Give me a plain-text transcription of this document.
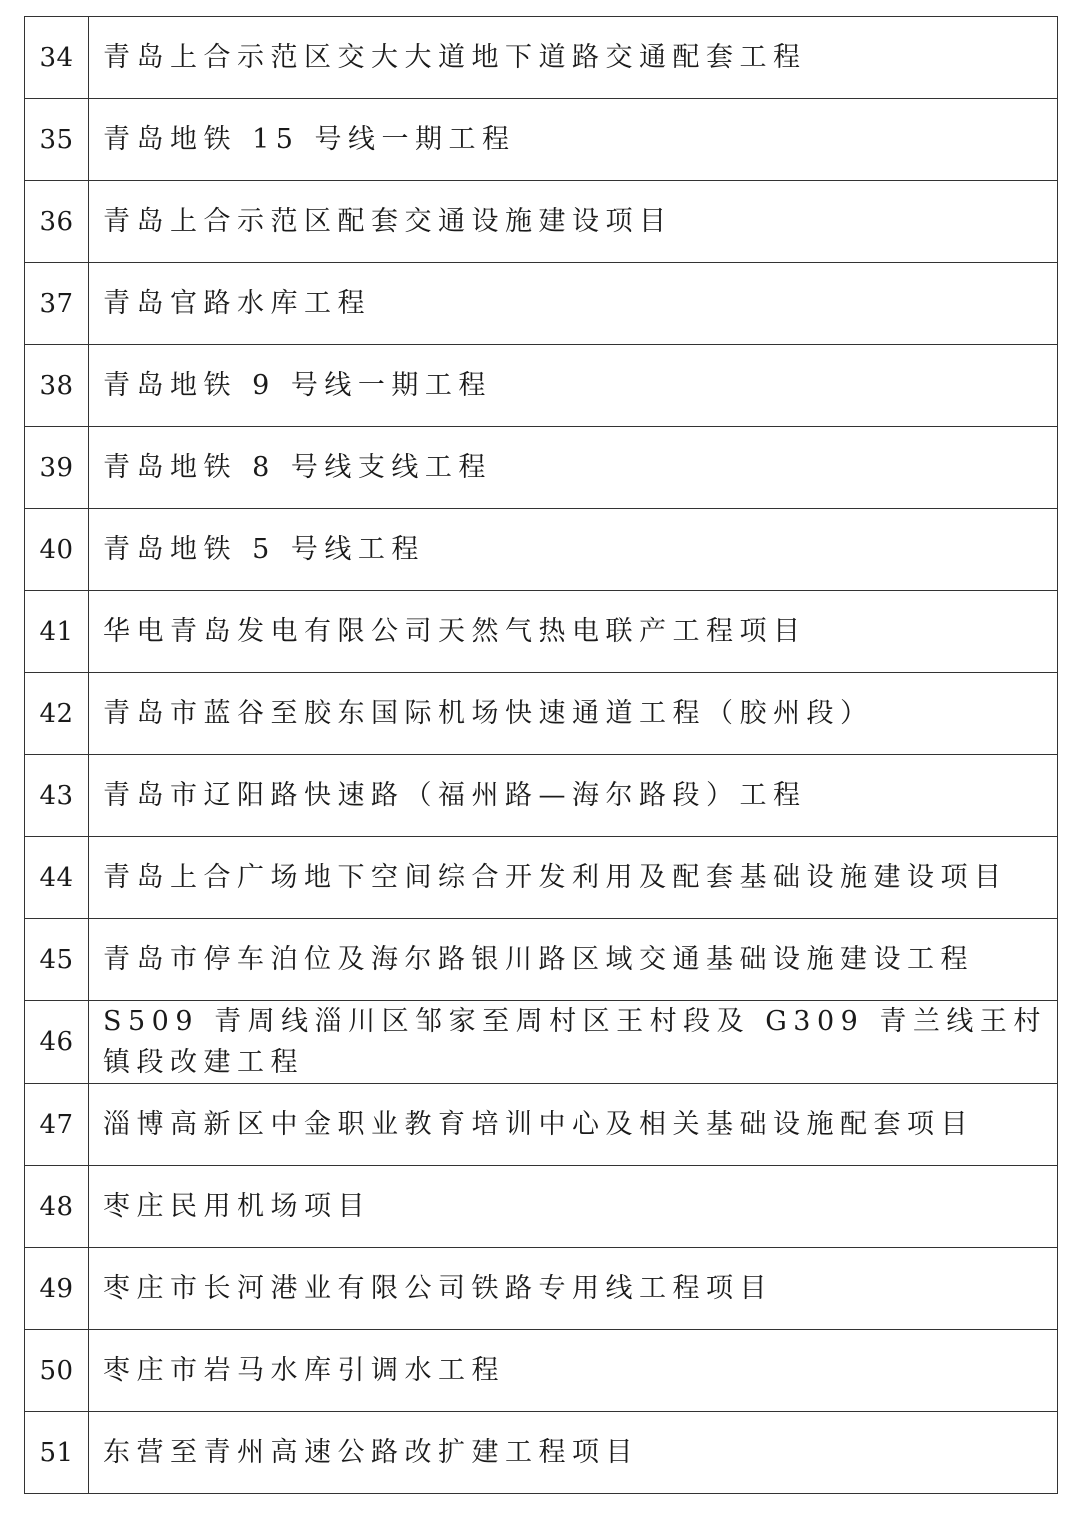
34	青岛上合示范区交大大道地下道路交通配套工程
35	青岛地铁 15 号线一期工程
36	青岛上合示范区配套交通设施建设项目
37	青岛官路水库工程
38	青岛地铁 9 号线一期工程
39	青岛地铁 8 号线支线工程
40	青岛地铁 5 号线工程
41	华电青岛发电有限公司天然气热电联产工程项目
42	青岛市蓝谷至胶东国际机场快速通道工程（胶州段）
43	青岛市辽阳路快速路（福州路—海尔路段）工程
44	青岛上合广场地下空间综合开发利用及配套基础设施建设项目
45	青岛市停车泊位及海尔路银川路区域交通基础设施建设工程
46	S509 青周线淄川区邹家至周村区王村段及 G309 青兰线王村镇段改建工程
47	淄博高新区中金职业教育培训中心及相关基础设施配套项目
48	枣庄民用机场项目
49	枣庄市长河港业有限公司铁路专用线工程项目
50	枣庄市岩马水库引调水工程
51	东营至青州高速公路改扩建工程项目
